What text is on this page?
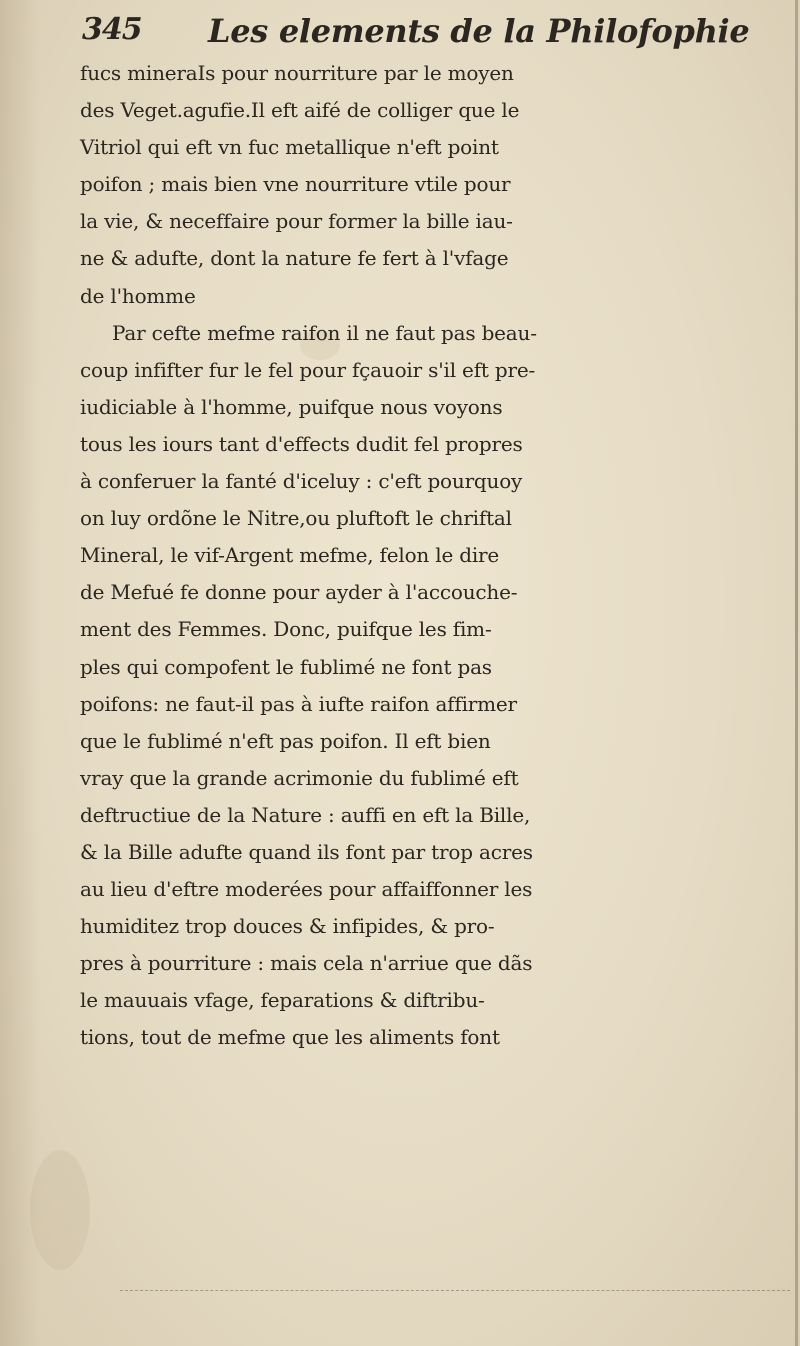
345 Les elements de la Philofophie
fucs mineraIs pour nourriture par le moyen
des Veget.agufie.Il eft aifé de colliger que le
Vitriol qui eft vn fuc metallique n'eft point
poifon ; mais bien vne nourriture vtile pour
la vie, & neceffaire pour former la bille iau-
ne & adufte, dont la nature fe fert à l'vfage
de l'homme
Par cefte mefme raifon il ne faut pas beau-
coup infifter fur le fel pour fçauoir s'il eft pre-
iudiciable à l'homme, puifque nous voyons
tous les iours tant d'effects dudit fel propres
à conferuer la fanté d'iceluy : c'eft pourquoy
on luy ordõne le Nitre,ou pluftoft le chriftal
Mineral, le vif-Argent mefme, felon le dire
de Mefué fe donne pour ayder à l'accouche-
ment des Femmes. Donc, puifque les fim-
ples qui compofent le fublimé ne font pas
poifons: ne faut-il pas à iufte raifon affirmer
que le fublimé n'eft pas poifon. Il eft bien
vray que la grande acrimonie du fublimé eft
deftructiue de la Nature : auffi en eft la Bille,
& la Bille adufte quand ils font par trop acres
au lieu d'eftre moderées pour affaiffonner les
humiditez trop douces & infipides, & pro-
pres à pourriture : mais cela n'arriue que dãs
le mauuais vfage, feparations & diftribu-
tions, tout de mefme que les aliments font
